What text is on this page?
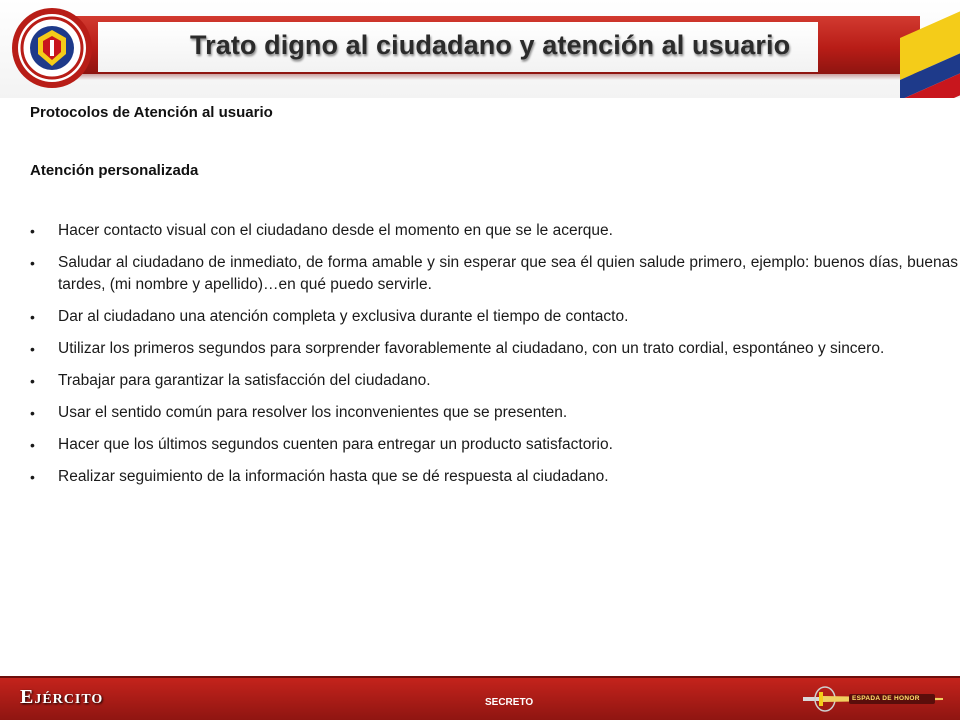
Trato digno al ciudadano y atención al usuario
Protocolos de Atención al usuario
Atención personalizada
•	Hacer contacto visual con el ciudadano desde el momento en que se le acerque.
•	Saludar al ciudadano de inmediato, de forma amable y sin esperar que sea él quien salude primero, ejemplo: buenos días, buenas tardes, (mi nombre y apellido)…en qué puedo servirle.
•	Dar al ciudadano una atención completa y exclusiva durante el tiempo de contacto.
•	Utilizar los primeros segundos para sorprender favorablemente al ciudadano, con un trato cordial, espontáneo y sincero.
•	Trabajar para garantizar la satisfacción del ciudadano.
•	Usar el sentido común para resolver los inconvenientes que se presenten.
•	Hacer que los últimos segundos cuenten para entregar un producto satisfactorio.
•	Realizar seguimiento de la información hasta que se dé respuesta al ciudadano.
Ejército	SECRETO	ESPADA DE HONOR
